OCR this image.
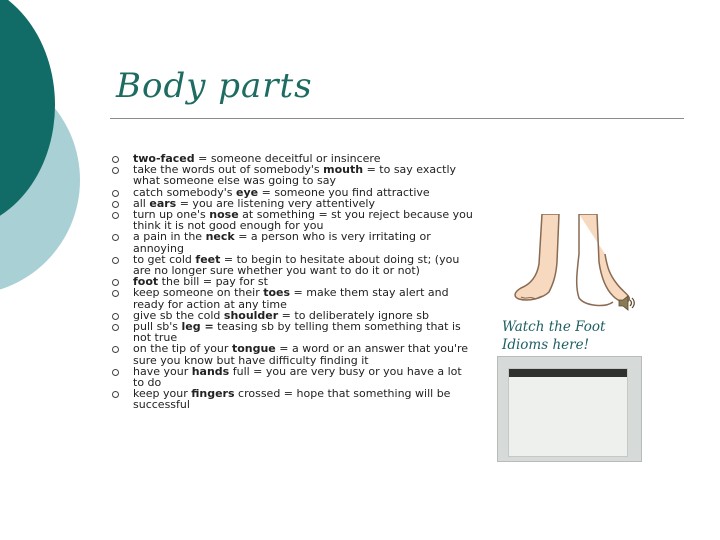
Body parts
two-faced = someone deceitful or insincere
take the words out of somebody's mouth = to say exactly what someone else was going to say
catch somebody's eye = someone you find attractive
all ears = you are listening very attentively
turn up one's nose at something = st you reject because you think it is not good enough for you
a pain in the neck = a person who is very irritating or annoying
to get cold feet = to begin to hesitate about doing st; (you are no longer sure whether you want to do it or not)
foot the bill = pay for st
keep someone on their toes = make them stay alert and ready for action at any time
give sb the cold shoulder = to deliberately ignore sb
pull sb's leg = teasing sb by telling them something that is not true
on the tip of your tongue = a word or an answer that you're sure you know but have difficulty finding it
have your hands full = you are very busy or you have a lot to do
keep your fingers crossed = hope that something will be successful
Watch the Foot
Idioms here!
